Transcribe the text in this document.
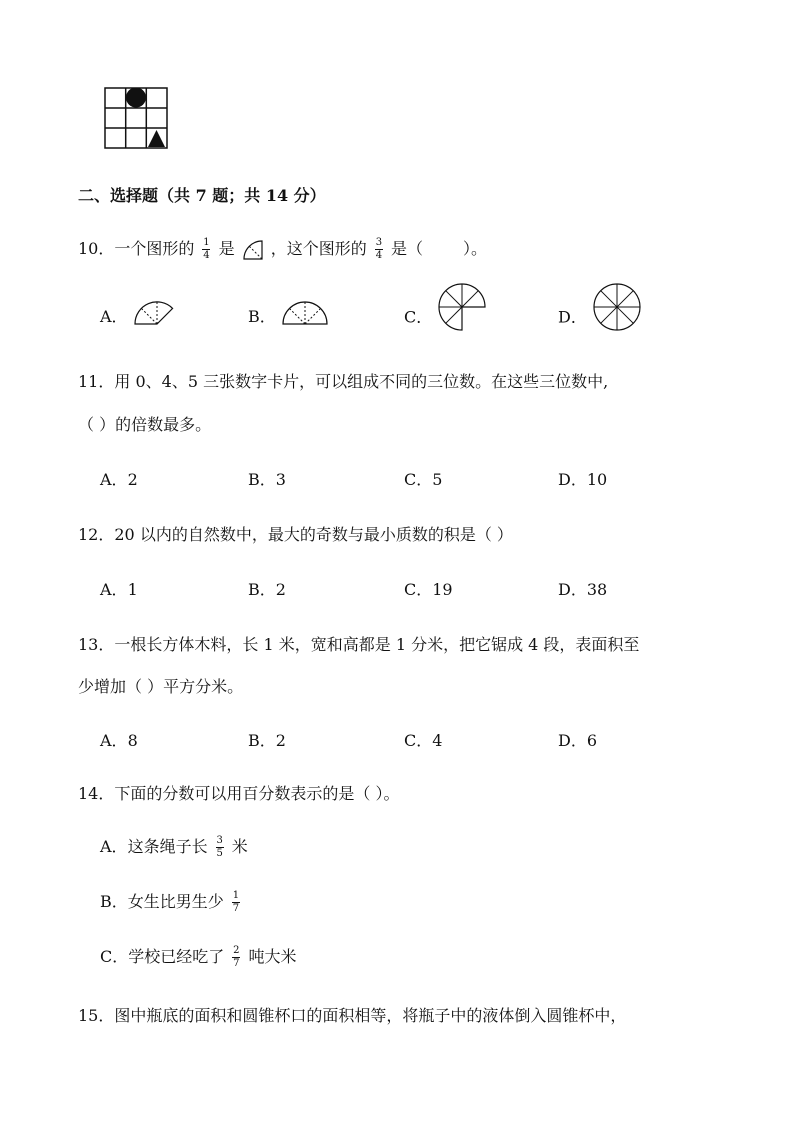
二、选择题（共 7 题；共 14 分）
10．一个图形的 $\frac{1}{4}$ 是 ，这个图形的 $\frac{3}{4}$ 是（	）。
A．	B．	C．	D．
11．用 0、4、5 三张数字卡片，可以组成不同的三位数。在这些三位数中,
（ ）的倍数最多。
A．2	B．3	C．5	D．10
12．20 以内的自然数中，最大的奇数与最小质数的积是（ ）
A．1	B．2	C．19	D．38
13．一根长方体木料，长 1 米，宽和高都是 1 分米，把它锯成 4 段，表面积至
少增加（ ）平方分米。
A．8	B．2	C．4	D．6
14．下面的分数可以用百分数表示的是（ ）。
A．这条绳子长 $\frac{3}{5}$ 米
B．女生比男生少 $\frac{1}{7}$
C．学校已经吃了 $\frac{2}{7}$ 吨大米
15．图中瓶底的面积和圆锥杯口的面积相等，将瓶子中的液体倒入圆锥杯中，
